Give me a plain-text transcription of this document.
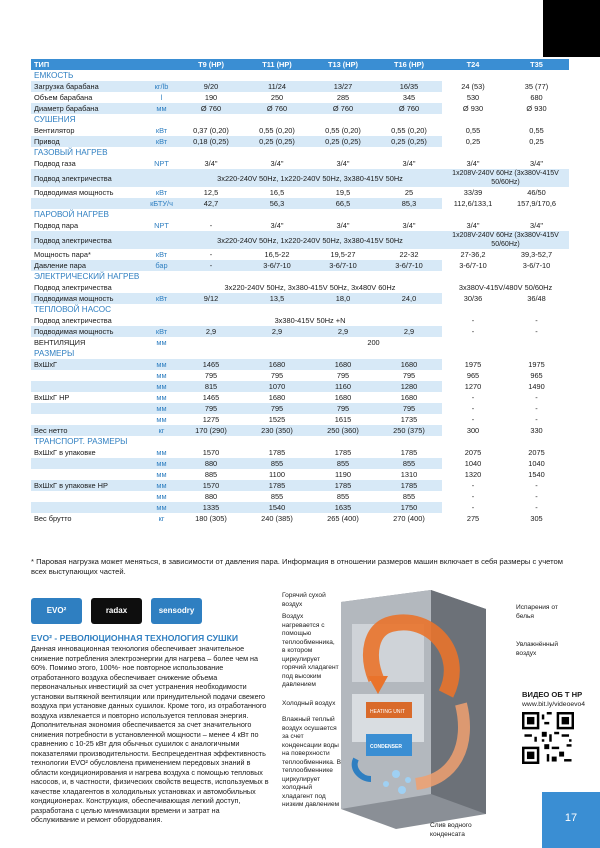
ТИП		T9 (HP)	T11 (HP)	T13 (HP)	T16 (HP)	T24	T35
ЕМКОСТЬ							
Загрузка барабана	кг/lb	9/20	11/24	13/27	16/35	24 (53)	35 (77)
Объем барабана	l	190	250	285	345	530	680
Диаметр барабана	мм	Ø 760	Ø 760	Ø 760	Ø 760	Ø 930	Ø 930
СУШЕНИЯ							
Вентилятор	кВт	0,37 (0,20)	0,55 (0,20)	0,55 (0,20)	0,55 (0,20)	0,55	0,55
Привод	кВт	0,18 (0,25)	0,25 (0,25)	0,25 (0,25)	0,25 (0,25)	0,25	0,25
ГАЗОВЫЙ НАГРЕВ							
Подвод газа	NPT	3/4"	3/4"	3/4"	3/4"	3/4"	3/4"
Подвод электричества		3x220-240V 50Hz, 1x220-240V 50Hz, 3x380-415V 50Hz				1x208V-240V 60Hz (3x380V-415V 50/60Hz)	
Подводимая мощность	кВт	12,5	16,5	19,5	25	33/39	46/50
	кБТУ/ч	42,7	56,3	66,5	85,3	112,6/133,1	157,9/170,6
ПАРОВОЙ НАГРЕВ							
Подвод пара	NPT	-	3/4"	3/4"	3/4"	3/4"	3/4"
Подвод электричества		3x220-240V 50Hz, 1x220-240V 50Hz, 3x380-415V 50Hz				1x208V-240V 60Hz (3x380V-415V 50/60Hz)	
Мощность пара*	кВт	-	16,5-22	19,5-27	22-32	27-36,2	39,3-52,7
Давление пара	бар	-	3-6/7-10	3-6/7-10	3-6/7-10	3-6/7-10	3-6/7-10
ЭЛЕКТРИЧЕСКИЙ НАГРЕВ							
Подвод электричества		3x220-240V 50Hz, 3x380-415V 50Hz, 3x480V 60Hz				3x380V-415V/480V 50/60Hz	
Подводимая мощность	кВт	9/12	13,5	18,0	24,0	30/36	36/48
ТЕПЛОВОЙ НАСОС							
Подвод электричества		3x380-415V 50Hz +N				-	-
Подводимая мощность	кВт	2,9	2,9	2,9	2,9	-	-
ВЕНТИЛЯЦИЯ	мм	200					
РАЗМЕРЫ							
ВхШхГ	мм	1465	1680	1680	1680	1975	1975
	мм	795	795	795	795	965	965
	мм	815	1070	1160	1280	1270	1490
ВхШхГ HP	мм	1465	1680	1680	1680	-	-
	мм	795	795	795	795	-	-
	мм	1275	1525	1615	1735	-	-
Вес нетто	кг	170 (290)	230 (350)	250 (360)	250 (375)	300	330
ТРАНСПОРТ. РАЗМЕРЫ							
ВхШхГ в упаковке	мм	1570	1785	1785	1785	2075	2075
	мм	880	855	855	855	1040	1040
	мм	885	1100	1190	1310	1320	1540
ВхШхГ в упаковке HP	мм	1570	1785	1785	1785	-	-
	мм	880	855	855	855	-	-
	мм	1335	1540	1635	1750	-	-
Вес брутто	кг	180 (305)	240 (385)	265 (400)	270 (400)	275	305
* Паровая нагрузка может меняться, в зависимости от давления пара. Информация в отношении размеров машин включает в себя размеры с учетом всех выступающих частей.
EVO²	radax	sensodry
EVO² - РЕВОЛЮЦИОННАЯ ТЕХНОЛОГИЯ СУШКИ
Данная инновационная технология обеспечивает значительное снижение потребления электроэнергии для нагрева – более чем на 60%. Помимо этого, 100%- ное повторное использование отработанного воздуха обеспечивает снижение объема первоначальных инвестиций за счет устранения необходимости установки вытяжной вентиляции или принудительной подачи свежего воздуха при установке данных сушилок. Кроме того, из отработанного воздуха извлекается и повторно используется тепловая энергия. Дополнительная экономия обеспечивается за счет значительного снижения потребности в установленной мощности – менее 4 кВт по сравнению с 10-25 кВт для обычных сушилок с аналогичными показателями производительности. Беспрецедентная эффективность технологии EVO² обусловлена применением передовых знаний в области кондиционирования и нагрева воздуха с помощью тепловых насосов, и, в частности, физических свойств веществ, используемых в качестве хладагентов в холодильных установках и автомобильных кондиционерах. Конструкция, обеспечивающая легкий доступ, разработана с целью минимизации времени и затрат на обслуживание и ремонт оборудования.
CONDENSER
HEATING UNIT
Горячий сухой воздух
Воздух нагревается с помощью теплообменника, в котором циркулирует горячий хладагент под высоким давлением
Холодный воздух
Влажный теплый воздух осушается за счет конденсации воды на поверхности теплообменника. В теплообменнике циркулирует холодный хладагент под низким давлением
Испарения от белья
Увлажнённый воздух
Слив водного конденсата
ВИДЕО ОБ Т HP
www.bit.ly/videoevo4
17
